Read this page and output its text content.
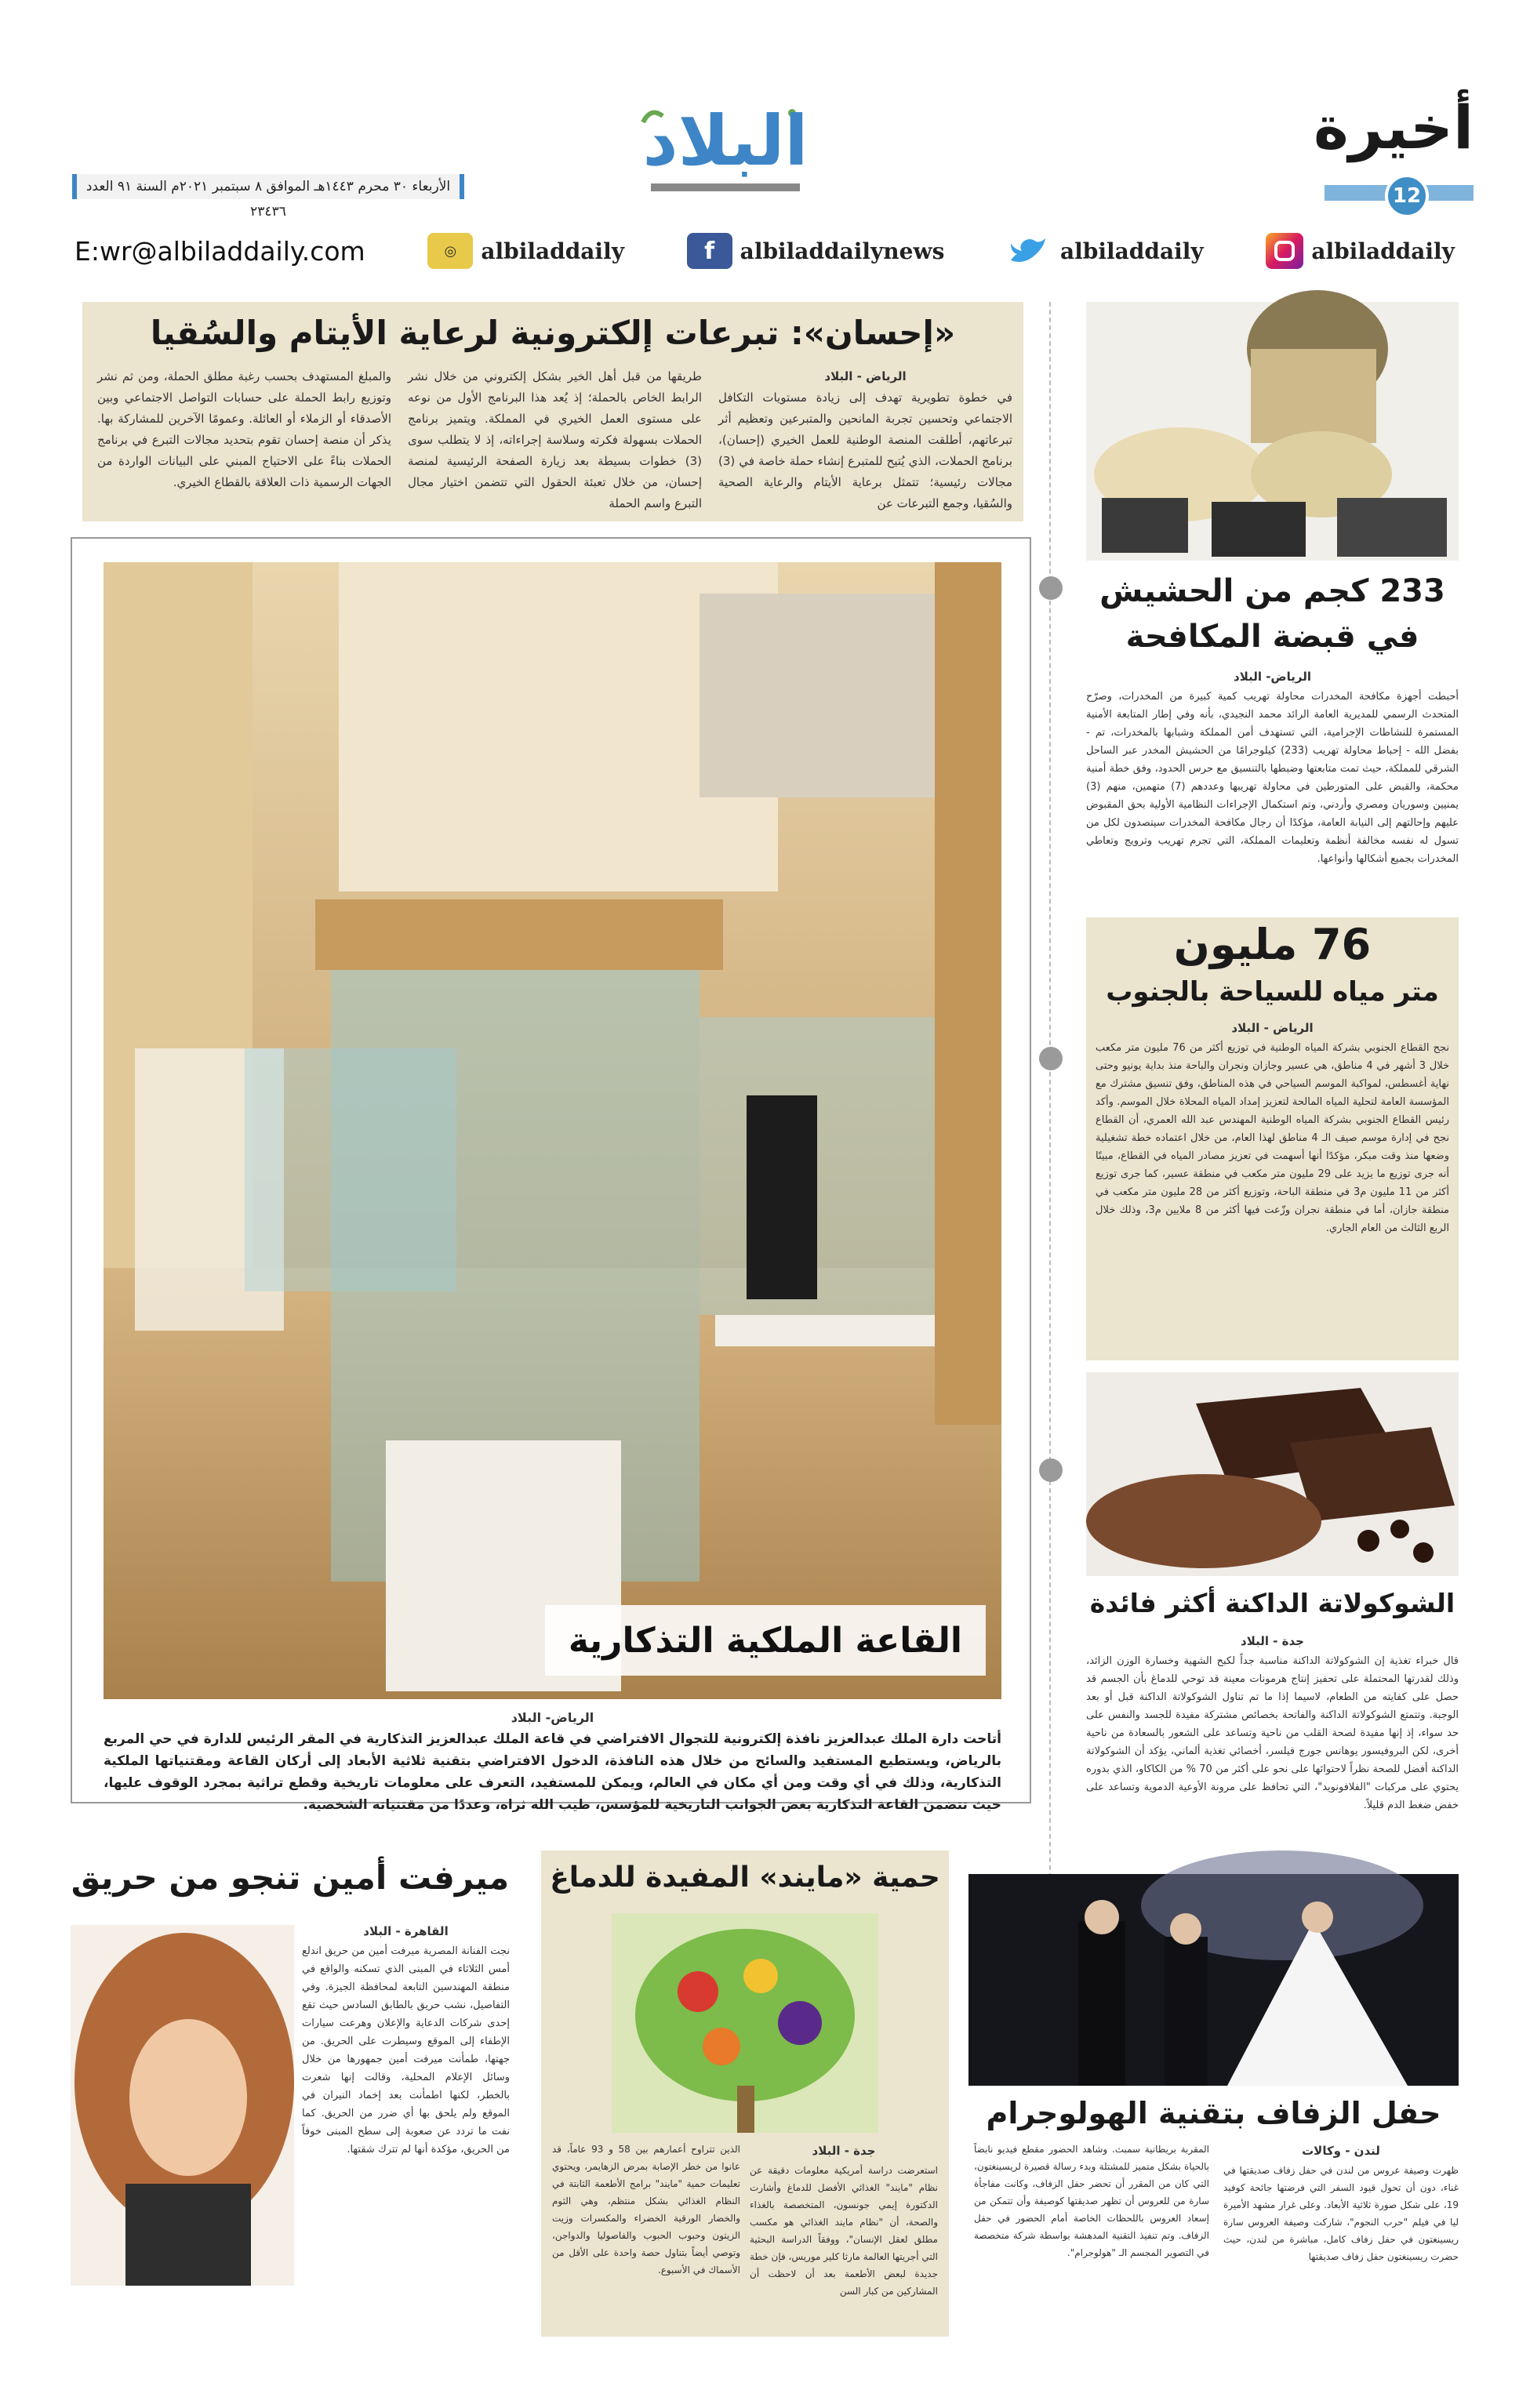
أخيرة
12
البلاد
الأربعاء ٣٠ محرم ١٤٤٣هـ الموافق ٨ سبتمبر ٢٠٢١م السنة ٩١ العدد ٢٣٤٣٦
E:wr@albiladdaily.com	◎	albiladdaily	f	albiladdailynews	albiladdaily	albiladdaily
«إحسان»: تبرعات إلكترونية لرعاية الأيتام والسُقيا
الرياض - البلاد
في خطوة تطويرية تهدف إلى زيادة مستويات التكافل الاجتماعي وتحسين تجربة المانحين والمتبرعين وتعظيم أثر تبرعاتهم، أطلقت المنصة الوطنية للعمل الخيري (إحسان)، برنامج الحملات، الذي يُتيح للمتبرع إنشاء حملة خاصة في (3) مجالات رئيسية؛ تتمثل برعاية الأيتام والرعاية الصحية والسُقيا، وجمع التبرعات عن
طريقها من قبل أهل الخير بشكل إلكتروني من خلال نشر الرابط الخاص بالحملة؛ إذ يُعد هذا البرنامج الأول من نوعه على مستوى العمل الخيري في المملكة. ويتميز برنامج الحملات بسهولة فكرته وسلاسة إجراءاته، إذ لا يتطلب سوى (3) خطوات بسيطة بعد زيارة الصفحة الرئيسية لمنصة إحسان، من خلال تعبئة الحقول التي تتضمن اختيار مجال التبرع واسم الحملة
والمبلغ المستهدف بحسب رغبة مطلق الحملة، ومن ثم نشر وتوزيع رابط الحملة على حسابات التواصل الاجتماعي وبين الأصدقاء أو الزملاء أو العائلة. وعمومًا الآخرين للمشاركة بها. يذكر أن منصة إحسان تقوم بتحديد مجالات التبرع في برنامج الحملات بناءً على الاحتياج المبني على البيانات الواردة من الجهات الرسمية ذات العلاقة بالقطاع الخيري.
القاعة الملكية التذكارية
الرياض- البلاد
أتاحت دارة الملك عبدالعزيز نافذة إلكترونية للتجوال الافتراضي في قاعة الملك عبدالعزيز التذكارية في المقر الرئيس للدارة في حي المربع بالرياض، ويستطيع المستفيد والسائح من خلال هذه النافذة، الدخول الافتراضي بتقنية ثلاثية الأبعاد إلى أركان القاعة ومقتنياتها الملكية التذكارية، وذلك في أي وقت ومن أي مكان في العالم، ويمكن للمستفيد، التعرف على معلومات تاريخية وقطع تراثية بمجرد الوقوف عليها، حيث تتضمن القاعة التذكارية بعض الجوانب التاريخية للمؤسس، طيب الله ثراه، وعددًا من مقتنياته الشخصية.
233 كجم من الحشيش في قبضة المكافحة
الرياض- البلاد
أحبطت أجهزة مكافحة المخدرات محاولة تهريب كمية كبيرة من المخدرات، وصرّح المتحدث الرسمي للمديرية العامة الرائد محمد النجيدي، بأنه وفي إطار المتابعة الأمنية المستمرة للنشاطات الإجرامية، التي تستهدف أمن المملكة وشبابها بالمخدرات، تم - بفضل الله - إحباط محاولة تهريب (233) كيلوجرامًا من الحشيش المخدر عبر الساحل الشرقي للمملكة، حيث تمت متابعتها وضبطها بالتنسيق مع حرس الحدود، وفق خطة أمنية محكمة، والقبض على المتورطين في محاولة تهريبها وعددهم (7) متهمين، منهم (3) يمنيين وسوريان ومصري وأردني، وتم استكمال الإجراءات النظامية الأولية بحق المقبوض عليهم وإحالتهم إلى النيابة العامة، مؤكدًا أن رجال مكافحة المخدرات سيتصدون لكل من تسول له نفسه مخالفة أنظمة وتعليمات المملكة، التي تجرم تهريب وترويج وتعاطي المخدرات بجميع أشكالها وأنواعها.
76 مليون
متر مياه للسياحة بالجنوب
الرياض - البلاد
نجح القطاع الجنوبي بشركة المياه الوطنية في توزيع أكثر من 76 مليون متر مكعب خلال 3 أشهر في 4 مناطق، هي عسير وجازان ونجران والباحة منذ بداية يونيو وحتى نهاية أغسطس، لمواكبة الموسم السياحي في هذه المناطق، وفق تنسيق مشترك مع المؤسسة العامة لتحلية المياه المالحة لتعزيز إمداد المياه المحلاة خلال الموسم. وأكد رئيس القطاع الجنوبي بشركة المياه الوطنية المهندس عبد الله العمري، أن القطاع نجح في إدارة موسم صيف الـ 4 مناطق لهذا العام، من خلال اعتماده خطة تشغيلية وضعها منذ وقت مبكر، مؤكدًا أنها أسهمت في تعزيز مصادر المياه في القطاع، مبينًا أنه جرى توزيع ما يزيد على 29 مليون متر مكعب في منطقة عسير، كما جرى توزيع أكثر من 11 مليون م3 في منطقة الباحة، وتوزيع أكثر من 28 مليون متر مكعب في منطقة جازان، أما في منطقة نجران وزّعت فيها أكثر من 8 ملايين م3، وذلك خلال الربع الثالث من العام الجاري.
الشوكولاتة الداكنة أكثر فائدة
جدة - البلاد
قال خبراء تغذية إن الشوكولاتة الداكنة مناسبة جداً لكبح الشهية وخسارة الوزن الزائد، وذلك لقدرتها المحتملة على تحفيز إنتاج هرمونات معينة قد توحي للدماغ بأن الجسم قد حصل على كفايته من الطعام، لاسيما إذا ما تم تناول الشوكولاتة الداكنة قبل أو بعد الوجبة. وتتمتع الشوكولاتة الداكنة والفاتحة بخصائص مشتركة مفيدة للجسد والنفس على حد سواء، إذ إنها مفيدة لصحة القلب من ناحية وتساعد على الشعور بالسعادة من ناحية أخرى، لكن البروفيسور يوهانس جورج فيلسر، أخصائي تغذية ألماني، يؤكد أن الشوكولاتة الداكنة أفضل للصحة نظراً لاحتوائها على نحو على أكثر من 70 % من الكاكاو، الذي بدوره يحتوي على مركبات "الفلافونويد"، التي تحافظ على مرونة الأوعية الدموية وتساعد على خفض ضغط الدم قليلاً.
ميرفت أمين تنجو من حريق
القاهرة - البلاد
نجت الفنانة المصرية ميرفت أمين من حريق اندلع أمس الثلاثاء في المبنى الذي تسكنه والواقع في منطقة المهندسين التابعة لمحافظة الجيزة. وفي التفاصيل، نشب حريق بالطابق السادس حيث تقع إحدى شركات الدعاية والإعلان وهرعت سيارات الإطفاء إلى الموقع وسيطرت على الحريق. من جهتها، طمأنت ميرفت أمين جمهورها من خلال وسائل الإعلام المحلية، وقالت إنها شعرت بالخطر، لكنها اطمأنت بعد إخماد النيران في الموقع ولم يلحق بها أي ضرر من الحريق. كما نفت ما تردد عن صعوبة إلى سطح المبنى خوفاً من الحريق، مؤكدة أنها لم تترك شقتها.
حمية «مايند» المفيدة للدماغ
جدة - البلاد
استعرضت دراسة أمريكية معلومات دقيقة عن نظام "مايند" الغذائي الأفضل للدماغ وأشارت الدكتورة إيمي جونسون، المتخصصة بالغذاء والصحة، أن "نظام مايند الغذائي هو مكسب مطلق لعقل الإنسان"، ووفقاً الدراسة البحثية التي أجريتها العالمة مارثا كلير موريس، فإن خطة جديدة لبعض الأطعمة بعد أن لاحظت أن المشاركين من كبار السن
الذين تتراوح أعمارهم بين 58 و 93 عاماً، قد عانوا من خطر الإصابة بمرض الزهايمر، ويحتوي تعليمات حمية "مايند" برامج الأطعمة الثابتة في النظام الغذائي بشكل منتظم، وهي الثوم والخضار الورقية الخضراء والمكسرات وزيت الزيتون وحبوب الحبوب والفاصوليا والدواجن، وتوصي أيضاً بتناول حصة واحدة على الأقل من الأسماك في الأسبوع.
حفل الزفاف بتقنية الهولوجرام
لندن - وكالات
ظهرت وصيفة عروس من لندن في حفل زفاف صديقتها في غناء، دون أن تحول قيود السفر التي فرضتها جائحة كوفيد 19، على شكل صورة ثلاثية الأبعاد. وعلى غرار مشهد الأميرة ليا في فيلم "حرب النجوم"، شاركت وصيفة العروس سارة ريسينغتون في حفل زفاف كامل، مباشرة من لندن، حيث حضرت ريسينغتون حفل زفاف صديقتها
المقربة بريطانية سمبث. وشاهد الحضور مقطع فيديو نابضاً بالحياة بشكل متميز للمشتلة وبدء رسالة قصيرة لريسينغتون، التي كان من المقرر أن تحضر حفل الزفاف، وكانت مفاجأة سارة من للعروس أن تظهر صديقتها كوصيفة وأن تتمكن من إسعاد العروس باللحظات الخاصة أمام الحضور في حفل الزفاف. وتم تنفيذ التقنية المدهشة بواسطة شركة متخصصة في التصوير المجسم الـ "هولوجرام".
